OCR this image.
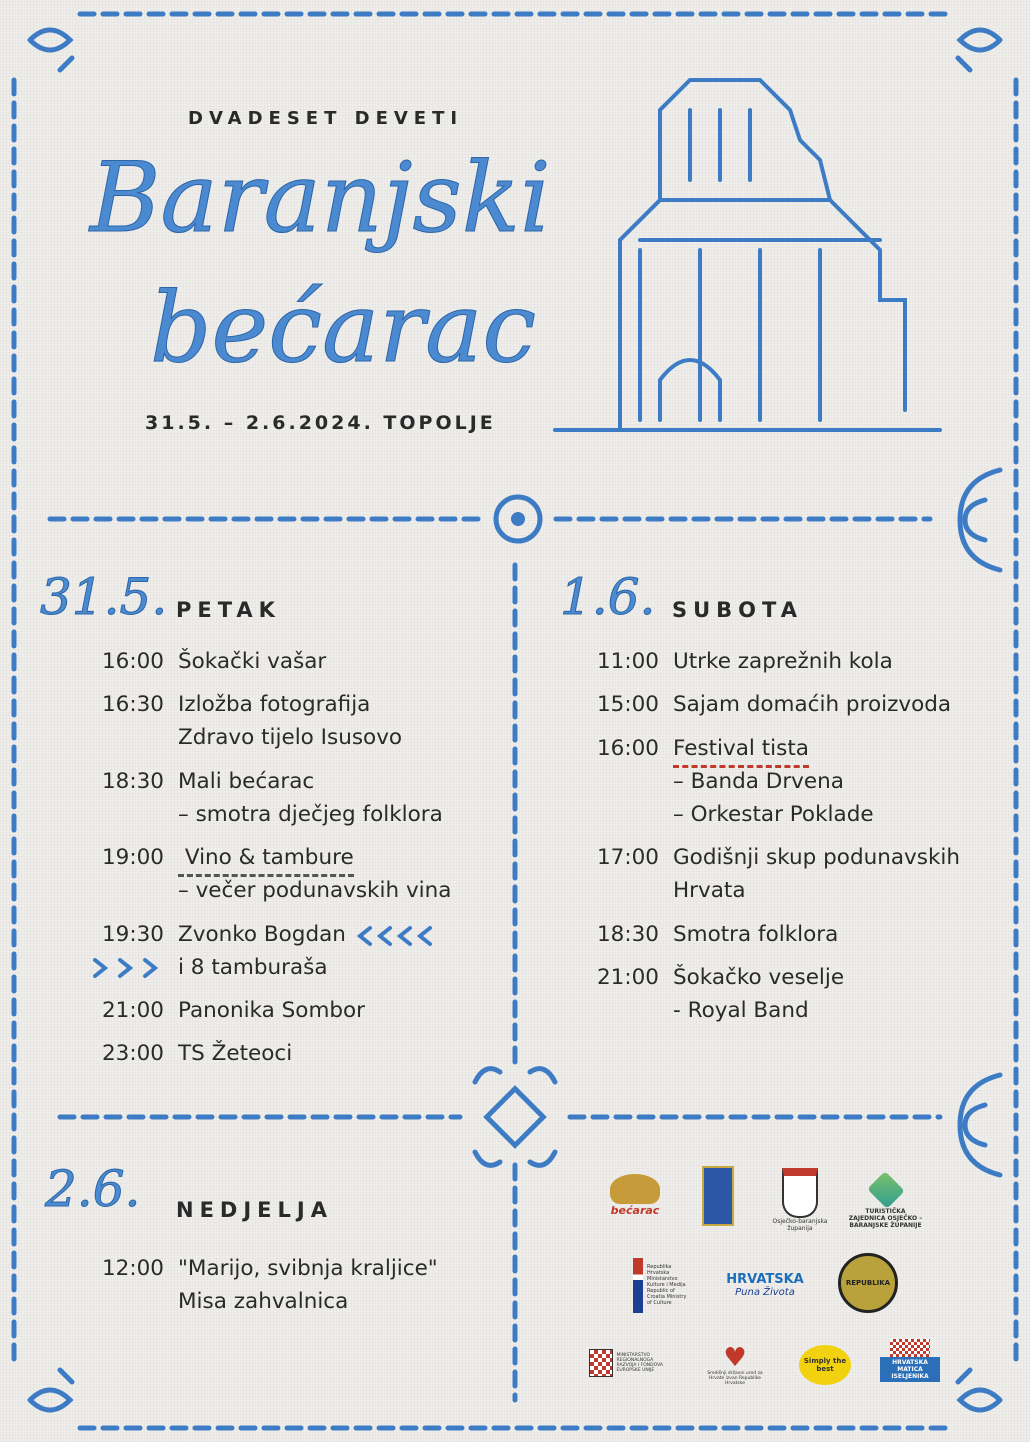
DVADESET DEVETI
Baranjski
bećarac
31.5. – 2.6.2024. TOPOLJE
31.5. PETAK
16:00 Šokački vašar
16:30 Izložba fotografija
Zdravo tijelo Isusovo
18:30 Mali bećarac
– smotra dječjeg folklora
19:00 Vino & tambure
– večer podunavskih vina
19:30 Zvonko Bogdan
i 8 tamburaša
21:00 Panonika Sombor
23:00 TS Žeteoci
1.6. SUBOTA
11:00 Utrke zaprežnih kola
15:00 Sajam domaćih proizvoda
16:00 Festival tista
– Banda Drvena
– Orkestar Poklade
17:00 Godišnji skup podunavskih
Hrvata
18:30 Smotra folklora
21:00 Šokačko veselje
- Royal Band
2.6. NEDJELJA
12:00 "Marijo, svibnja kraljice"
Misa zahvalnica
bećarac
Osječko-baranjska županija
TURISTIČKA ZAJEDNICA OSJEČKO – BARANJSKE ŽUPANIJE
Republika Hrvatska Ministarstvo Kulture i Medija Republic of Croatia Ministry of Culture
HRVATSKA
Puna Života
REPUBLIKA
MINISTARSTVO REGIONALNOGA RAZVOJA I FONDOVA EUROPSKE UNIJE	♥
Središnji državni ured za Hrvate izvan Republike Hrvatske
Simply the best
HRVATSKA MATICA ISELJENIKA
